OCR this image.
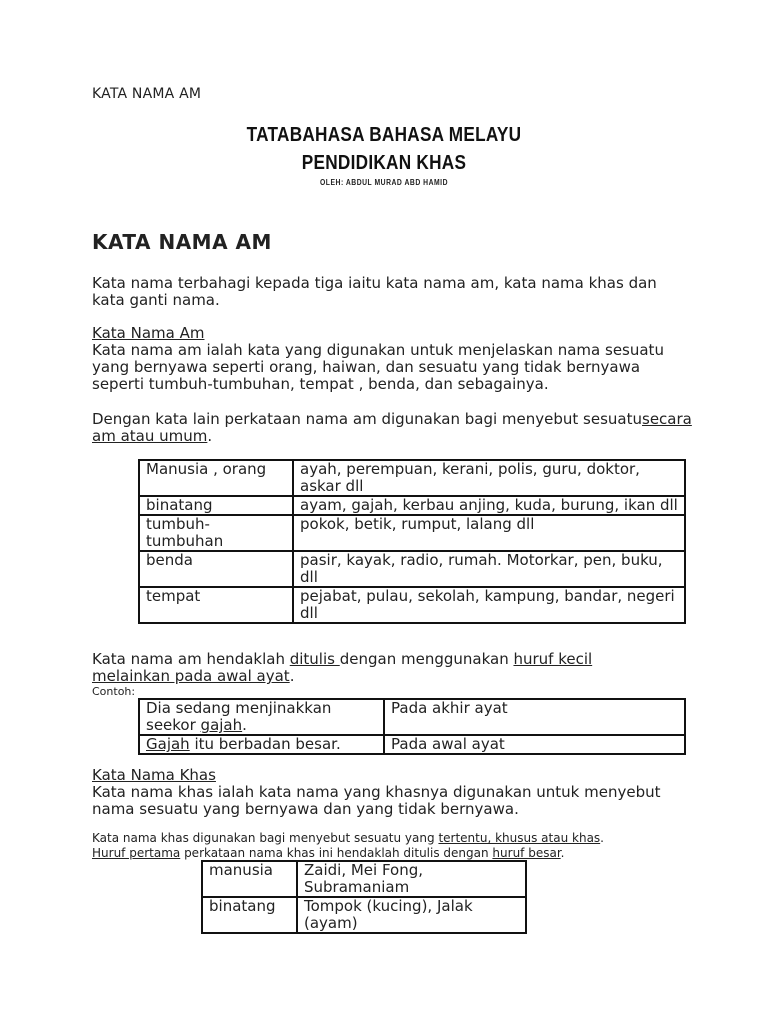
KATA NAMA AM
TATABAHASA BAHASA MELAYU
PENDIDIKAN KHAS
OLEH: ABDUL MURAD ABD HAMID
KATA NAMA AM
Kata nama terbahagi kepada tiga iaitu kata nama am, kata nama khas dan kata ganti nama.
Kata Nama Am
Kata nama am ialah kata yang digunakan untuk menjelaskan nama sesuatu yang bernyawa seperti orang, haiwan, dan sesuatu yang tidak bernyawa seperti tumbuh-tumbuhan, tempat , benda, dan sebagainya.
Dengan kata lain perkataan nama am digunakan bagi menyebut sesuatusecara am atau umum.
Manusia , orang	ayah, perempuan, kerani, polis, guru, doktor, askar dll
binatang	ayam, gajah, kerbau anjing, kuda, burung, ikan dll
tumbuh-tumbuhan	pokok, betik, rumput, lalang dll
benda	pasir, kayak, radio, rumah. Motorkar, pen, buku, dll
tempat	pejabat, pulau, sekolah, kampung, bandar, negeri dll
Kata nama am hendaklah ditulis dengan menggunakan huruf kecil melainkan pada awal ayat.
Contoh:
Dia sedang menjinakkan seekor gajah.	Pada akhir ayat
Gajah itu berbadan besar.	Pada awal ayat
Kata Nama Khas
Kata nama khas ialah kata nama yang khasnya digunakan untuk menyebut nama sesuatu yang bernyawa dan yang tidak bernyawa.
Kata nama khas digunakan bagi menyebut sesuatu yang tertentu, khusus atau khas. Huruf pertama perkataan nama khas ini hendaklah ditulis dengan huruf besar.
manusia	Zaidi, Mei Fong, Subramaniam
binatang	Tompok (kucing), Jalak (ayam)
